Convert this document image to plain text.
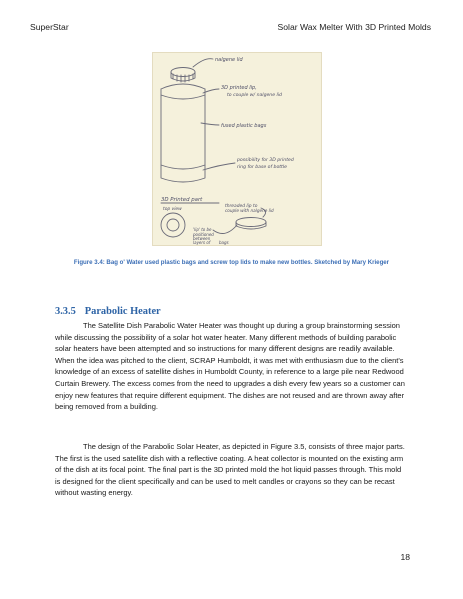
SuperStar	Solar Wax Melter With 3D Printed Molds
nalgene lid
3D printed lip,
to couple w/ nalgene lid
fused plastic bags
possibility for 3D printed
ring for base of bottle
3D Printed part
top view
threaded lip to
couple with nalgene lid
'lip' to be
positioned
between
layers of bags
Figure 3.4: Bag o' Water used plastic bags and screw top lids to make new bottles. Sketched by Mary Krieger
3.3.5 Parabolic Heater
The Satellite Dish Parabolic Water Heater was thought up during a group brainstorming session while discussing the possibility of a solar hot water heater. Many different methods of building parabolic solar heaters have been attempted and so instructions for many different designs are readily available. When the idea was pitched to the client, SCRAP Humboldt, it was met with enthusiasm due to the client's knowledge of an excess of satellite dishes in Humboldt County, in reference to a large pile near Redwood Curtain Brewery. The excess comes from the need to upgrades a dish every few years so a customer can enjoy new features that require different equipment. The dishes are not reused and are thrown away after being removed from a building.
The design of the Parabolic Solar Heater, as depicted in Figure 3.5, consists of three major parts. The first is the used satellite dish with a reflective coating. A heat collector is mounted on the existing arm of the dish at its focal point. The final part is the 3D printed mold the hot liquid passes through. This mold is designed for the client specifically and can be used to melt candles or crayons so they can be recast without wasting energy.
18
